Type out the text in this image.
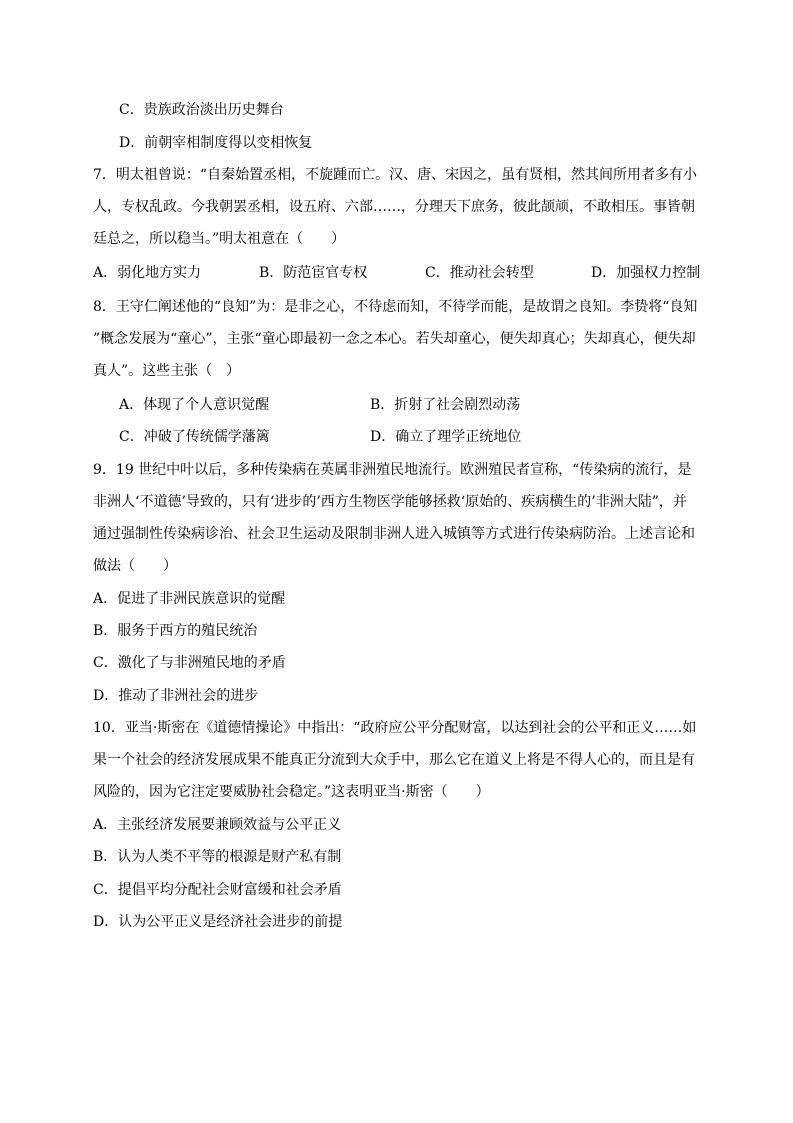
C．贵族政治淡出历史舞台
D．前朝宰相制度得以变相恢复
7．明太祖曾说：“自秦始置丞相，不旋踵而亡。汉、唐、宋因之，虽有贤相，然其间所用者多有小
人，专权乱政。今我朝罢丞相，设五府、六部……，分理天下庶务，彼此颉颃，不敢相压。事皆朝
廷总之，所以稳当。”明太祖意在（　　）
A．弱化地方实力	B．防范宦官专权	C．推动社会转型	D．加强权力控制
8．王守仁阐述他的“良知”为：是非之心，不待虑而知，不待学而能，是故谓之良知。李贽将“良知
”概念发展为“童心”，主张“童心即最初一念之本心。若失却童心，便失却真心；失却真心，便失却
真人”。这些主张（　）
A．体现了个人意识觉醒	B．折射了社会剧烈动荡
C．冲破了传统儒学藩篱	D．确立了理学正统地位
9．19 世纪中叶以后，多种传染病在英属非洲殖民地流行。欧洲殖民者宣称，“传染病的流行，是
非洲人‘不道德’导致的，只有‘进步的’西方生物医学能够拯救‘原始的、疾病横生的’非洲大陆”，并
通过强制性传染病诊治、社会卫生运动及限制非洲人进入城镇等方式进行传染病防治。上述言论和
做法（　　）
A．促进了非洲民族意识的觉醒
B．服务于西方的殖民统治
C．激化了与非洲殖民地的矛盾
D．推动了非洲社会的进步
10．亚当·斯密在《道德情操论》中指出：“政府应公平分配财富，以达到社会的公平和正义……如
果一个社会的经济发展成果不能真正分流到大众手中，那么它在道义上将是不得人心的，而且是有
风险的，因为它注定要威胁社会稳定。”这表明亚当·斯密（　　）
A．主张经济发展要兼顾效益与公平正义
B．认为人类不平等的根源是财产私有制
C．提倡平均分配社会财富缓和社会矛盾
D．认为公平正义是经济社会进步的前提
